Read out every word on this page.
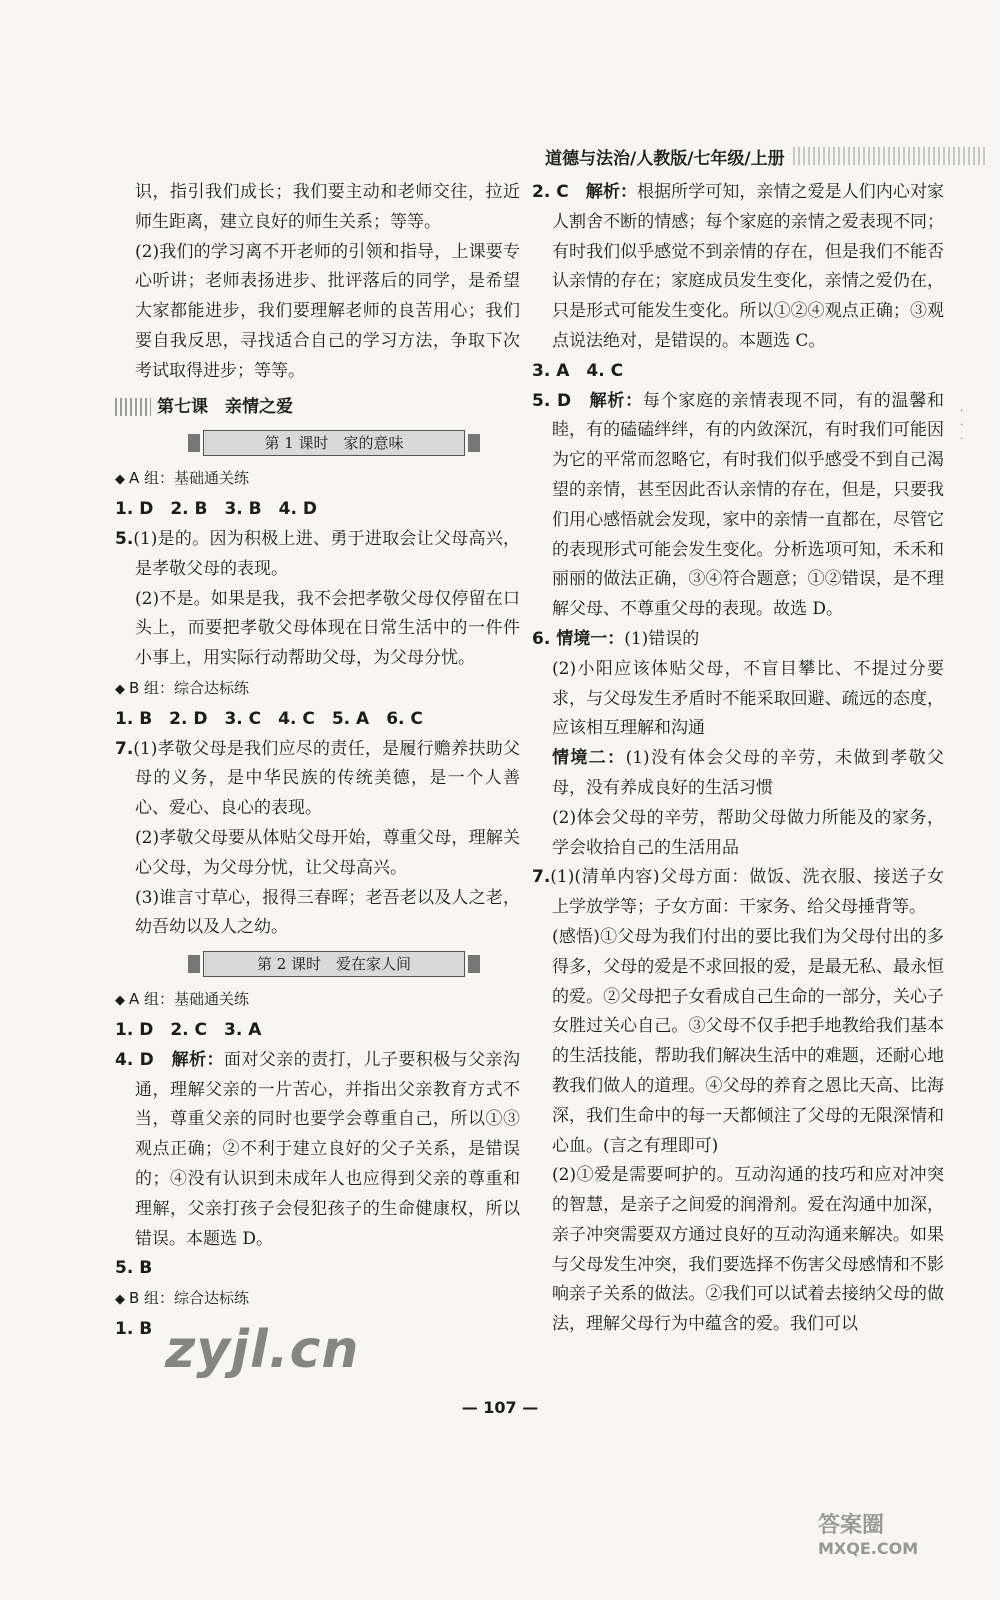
道德与法治/人教版/七年级/上册
·
·
·

识，指引我们成长；我们要主动和老师交往，拉近师生距离，建立良好的师生关系；等等。

(2)我们的学习离不开老师的引领和指导，上课要专心听讲；老师表扬进步、批评落后的同学，是希望大家都能进步，我们要理解老师的良苦用心；我们要自我反思，寻找适合自己的学习方法，争取下次考试取得进步；等等。

第七课　亲情之爱
第 1 课时　家的意味

◆ A 组：基础通关练

1. D　2. B　3. B　4. D

5.(1)是的。因为积极上进、勇于进取会让父母高兴，是孝敬父母的表现。

(2)不是。如果是我，我不会把孝敬父母仅停留在口头上，而要把孝敬父母体现在日常生活中的一件件小事上，用实际行动帮助父母，为父母分忧。

◆ B 组：综合达标练

1. B　2. D　3. C　4. C　5. A　6. C

7.(1)孝敬父母是我们应尽的责任，是履行赡养扶助父母的义务，是中华民族的传统美德，是一个人善心、爱心、良心的表现。

(2)孝敬父母要从体贴父母开始，尊重父母，理解关心父母，为父母分忧，让父母高兴。

(3)谁言寸草心，报得三春晖；老吾老以及人之老，幼吾幼以及人之幼。

第 2 课时　爱在家人间

◆ A 组：基础通关练

1. D　2. C　3. A

4. D　解析：面对父亲的责打，儿子要积极与父亲沟通，理解父亲的一片苦心，并指出父亲教育方式不当，尊重父亲的同时也要学会尊重自己，所以①③观点正确；②不利于建立良好的父子关系，是错误的；④没有认识到未成年人也应得到父亲的尊重和理解，父亲打孩子会侵犯孩子的生命健康权，所以错误。本题选 D。

5. B

◆ B 组：综合达标练

1. B

2. C　解析：根据所学可知，亲情之爱是人们内心对家人割舍不断的情感；每个家庭的亲情之爱表现不同；有时我们似乎感觉不到亲情的存在，但是我们不能否认亲情的存在；家庭成员发生变化，亲情之爱仍在，只是形式可能发生变化。所以①②④观点正确；③观点说法绝对，是错误的。本题选 C。

3. A　4. C

5. D　解析：每个家庭的亲情表现不同，有的温馨和睦，有的磕磕绊绊，有的内敛深沉，有时我们可能因为它的平常而忽略它，有时我们似乎感受不到自己渴望的亲情，甚至因此否认亲情的存在，但是，只要我们用心感悟就会发现，家中的亲情一直都在，尽管它的表现形式可能会发生变化。分析选项可知，禾禾和丽丽的做法正确，③④符合题意；①②错误，是不理解父母、不尊重父母的表现。故选 D。

6. 情境一：(1)错误的

(2)小阳应该体贴父母，不盲目攀比、不提过分要求，与父母发生矛盾时不能采取回避、疏远的态度，应该相互理解和沟通

情境二：(1)没有体会父母的辛劳，未做到孝敬父母，没有养成良好的生活习惯

(2)体会父母的辛劳，帮助父母做力所能及的家务，学会收拾自己的生活用品

7.(1)(清单内容)父母方面：做饭、洗衣服、接送子女上学放学等；子女方面：干家务、给父母捶背等。

(感悟)①父母为我们付出的要比我们为父母付出的多得多，父母的爱是不求回报的爱，是最无私、最永恒的爱。②父母把子女看成自己生命的一部分，关心子女胜过关心自己。③父母不仅手把手地教给我们基本的生活技能，帮助我们解决生活中的难题，还耐心地教我们做人的道理。④父母的养育之恩比天高、比海深，我们生命中的每一天都倾注了父母的无限深情和心血。(言之有理即可)

(2)①爱是需要呵护的。互动沟通的技巧和应对冲突的智慧，是亲子之间爱的润滑剂。爱在沟通中加深，亲子冲突需要双方通过良好的互动沟通来解决。如果与父母发生冲突，我们要选择不伤害父母感情和不影响亲子关系的做法。②我们可以试着去接纳父母的做法，理解父母行为中蕴含的爱。我们可以

— 107 —
zyjl.cn
答案圈
MXQE.COM
